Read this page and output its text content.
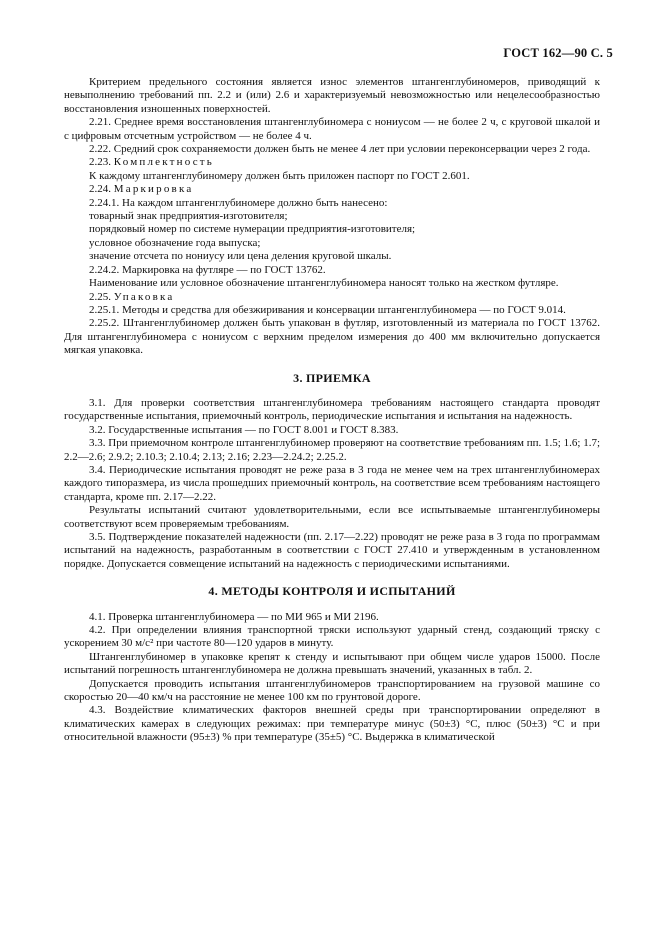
ГОСТ 162—90 С. 5

Критерием предельного состояния является износ элементов штангенглубиномеров, приводящий к невыполнению требований пп. 2.2 и (или) 2.6 и характеризуемый невозможностью или нецелесообразностью восстановления изношенных поверхностей.

2.21. Среднее время восстановления штангенглубиномера с нониусом — не более 2 ч, с круговой шкалой и с цифровым отсчетным устройством — не более 4 ч.

2.22. Средний срок сохраняемости должен быть не менее 4 лет при условии переконсервации через 2 года.

2.23. Комплектность

К каждому штангенглубиномеру должен быть приложен паспорт по ГОСТ 2.601.

2.24. Маркировка

2.24.1. На каждом штангенглубиномере должно быть нанесено:

товарный знак предприятия-изготовителя;

порядковый номер по системе нумерации предприятия-изготовителя;

условное обозначение года выпуска;

значение отсчета по нониусу или цена деления круговой шкалы.

2.24.2. Маркировка на футляре — по ГОСТ 13762.

Наименование или условное обозначение штангенглубиномера наносят только на жестком футляре.

2.25. Упаковка

2.25.1. Методы и средства для обезжиривания и консервации штангенглубиномера — по ГОСТ 9.014.

2.25.2. Штангенглубиномер должен быть упакован в футляр, изготовленный из материала по ГОСТ 13762. Для штангенглубиномера с нониусом с верхним пределом измерения до 400 мм включительно допускается мягкая упаковка.

3. ПРИЕМКА

3.1. Для проверки соответствия штангенглубиномера требованиям настоящего стандарта проводят государственные испытания, приемочный контроль, периодические испытания и испытания на надежность.

3.2. Государственные испытания — по ГОСТ 8.001 и ГОСТ 8.383.

3.3. При приемочном контроле штангенглубиномер проверяют на соответствие требованиям пп. 1.5; 1.6; 1.7; 2.2—2.6; 2.9.2; 2.10.3; 2.10.4; 2.13; 2.16; 2.23—2.24.2; 2.25.2.

3.4. Периодические испытания проводят не реже раза в 3 года не менее чем на трех штангенглубиномерах каждого типоразмера, из числа прошедших приемочный контроль, на соответствие всем требованиям настоящего стандарта, кроме пп. 2.17—2.22.

Результаты испытаний считают удовлетворительными, если все испытываемые штангенглубиномеры соответствуют всем проверяемым требованиям.

3.5. Подтверждение показателей надежности (пп. 2.17—2.22) проводят не реже раза в 3 года по программам испытаний на надежность, разработанным в соответствии с ГОСТ 27.410 и утвержденным в установленном порядке. Допускается совмещение испытаний на надежность с периодическими испытаниями.

4. МЕТОДЫ КОНТРОЛЯ И ИСПЫТАНИЙ

4.1. Проверка штангенглубиномера — по МИ 965 и МИ 2196.

4.2. При определении влияния транспортной тряски используют ударный стенд, создающий тряску с ускорением 30 м/с² при частоте 80—120 ударов в минуту.

Штангенглубиномер в упаковке крепят к стенду и испытывают при общем числе ударов 15000. После испытаний погрешность штангенглубиномера не должна превышать значений, указанных в табл. 2.

Допускается проводить испытания штангенглубиномеров транспортированием на грузовой машине со скоростью 20—40 км/ч на расстояние не менее 100 км по грунтовой дороге.

4.3. Воздействие климатических факторов внешней среды при транспортировании определяют в климатических камерах в следующих режимах: при температуре минус (50±3) °С, плюс (50±3) °С и при относительной влажности (95±3) % при температуре (35±5) °С. Выдержка в климатической
